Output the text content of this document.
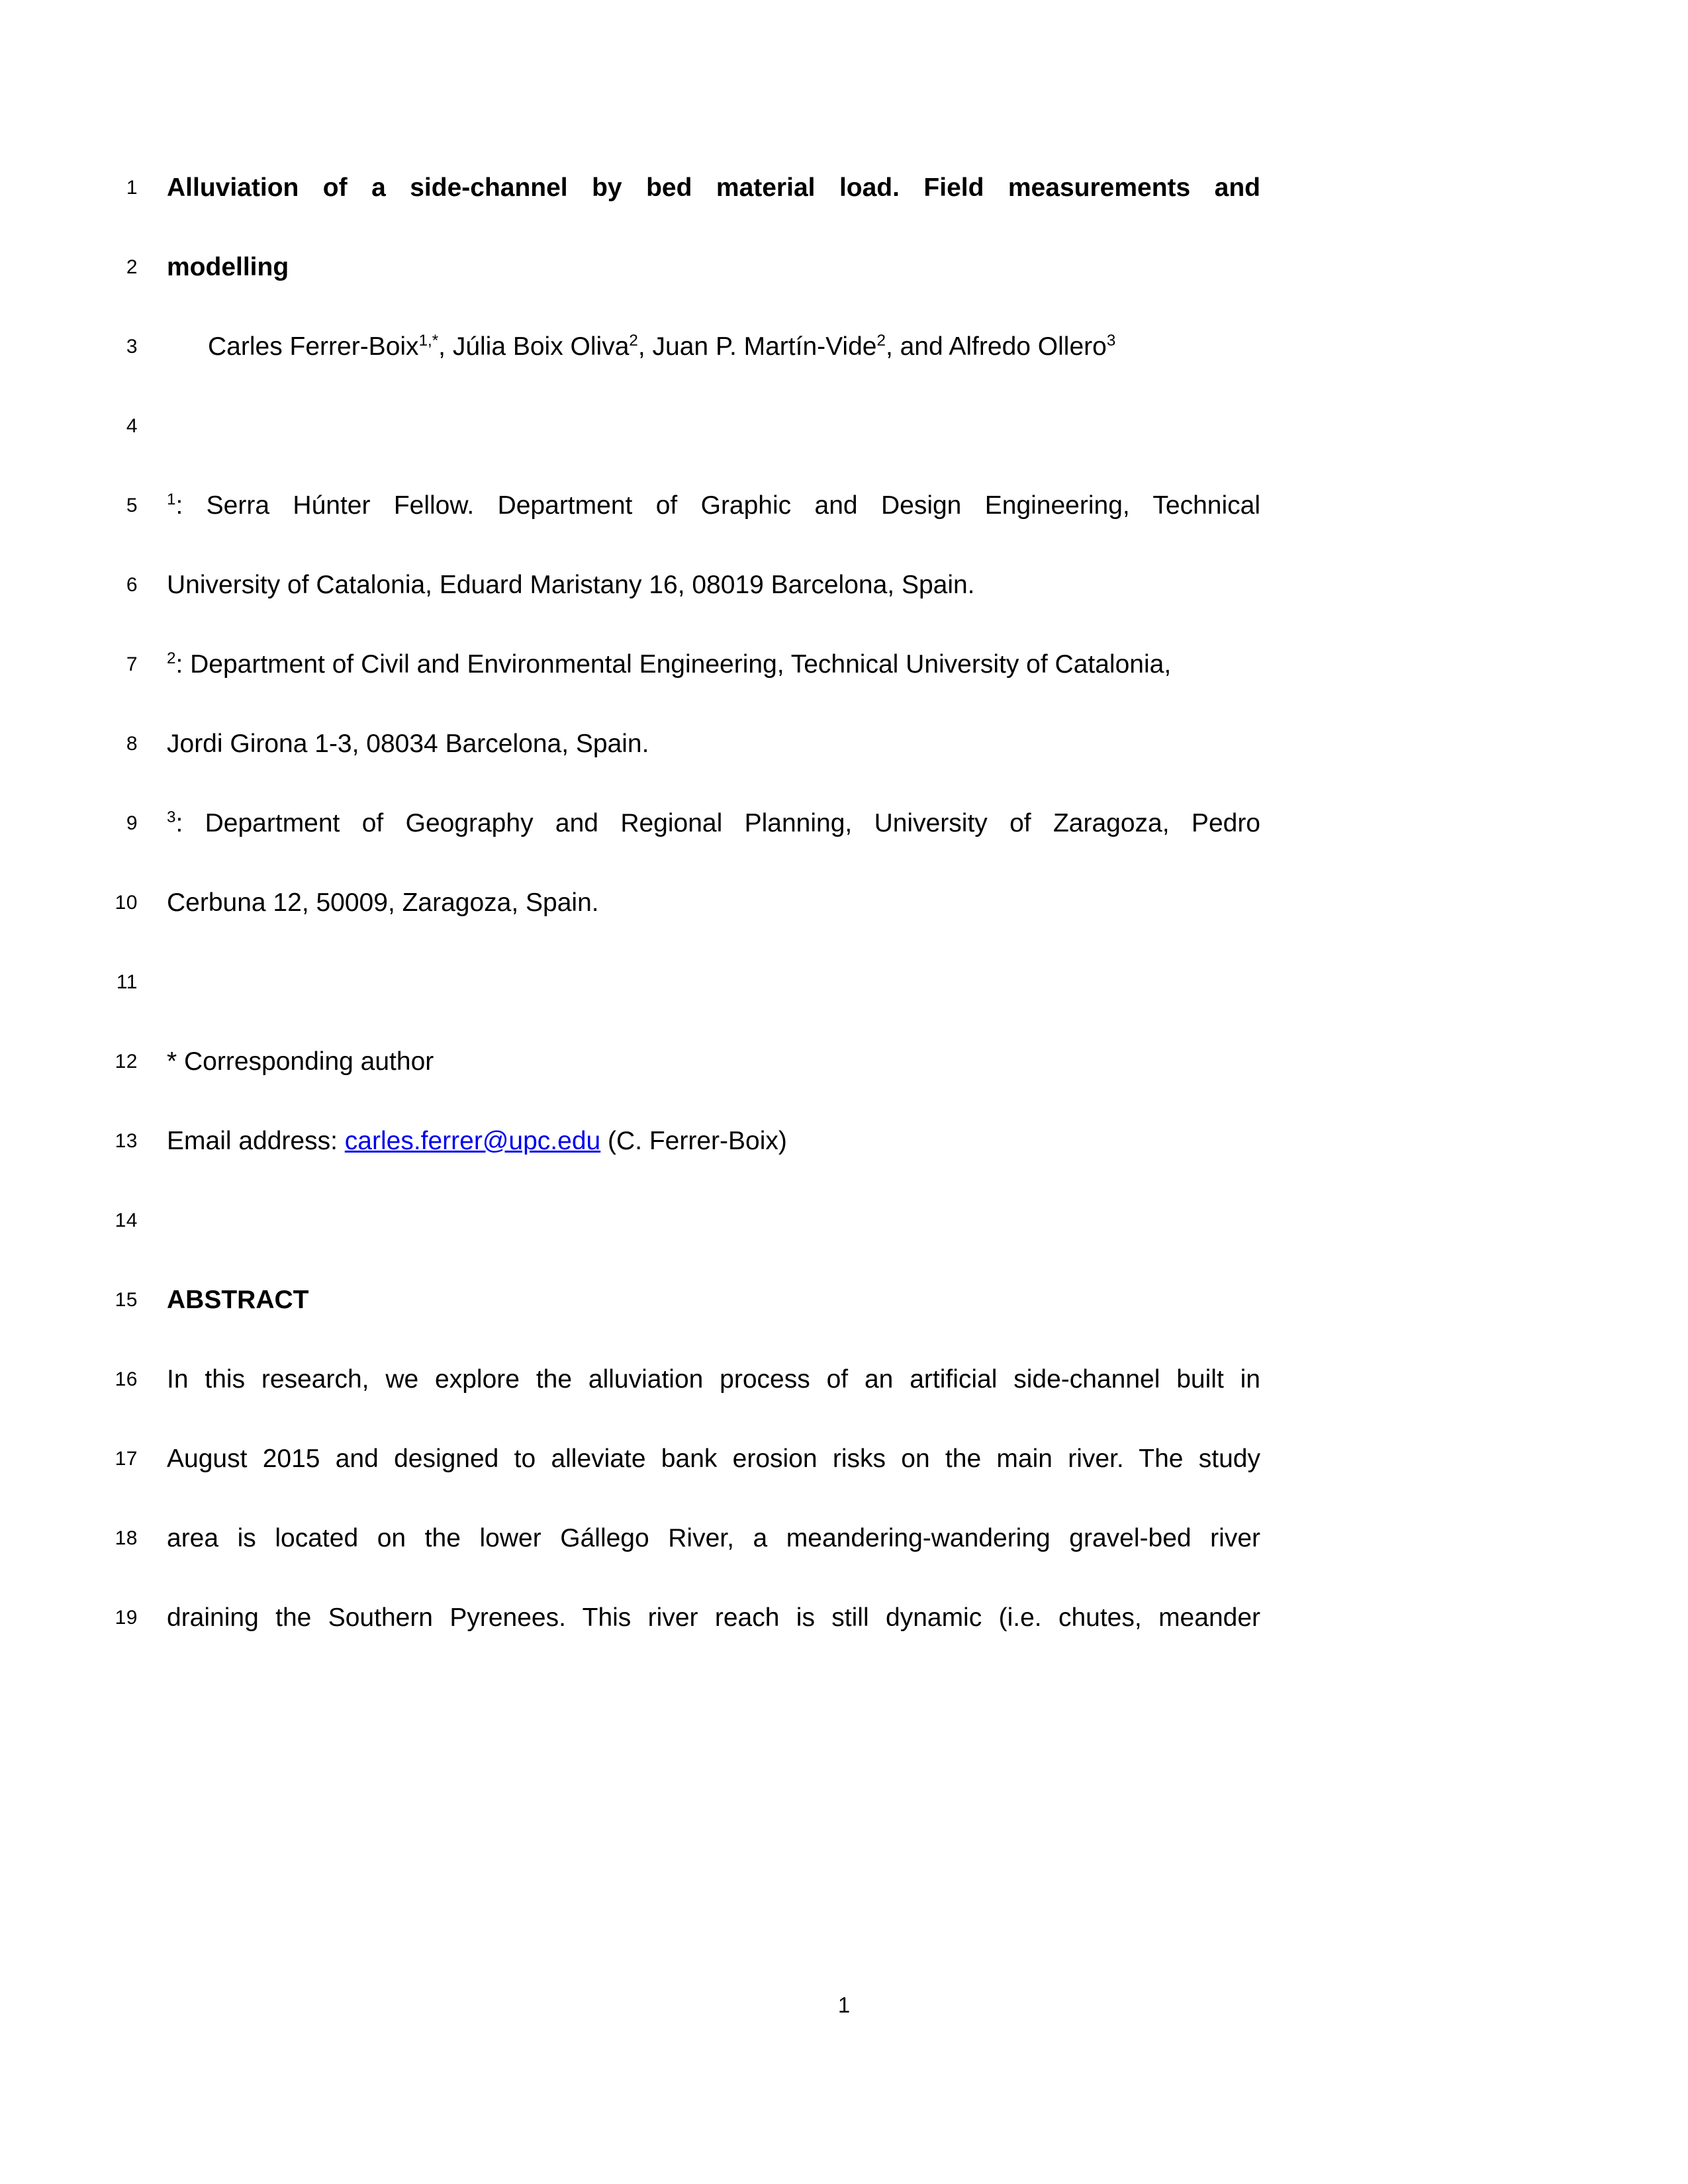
1	Alluviation of a side-channel by bed material load. Field measurements and
2	modelling
3	Carles Ferrer-Boix$^{1,*}$, Júlia Boix Oliva$^2$, Juan P. Martín-Vide$^2$, and Alfredo Ollero$^3$
4
5	$^1$: Serra Húnter Fellow. Department of Graphic and Design Engineering, Technical
6	University of Catalonia, Eduard Maristany 16, 08019 Barcelona, Spain.
7	$^2$: Department of Civil and Environmental Engineering, Technical University of Catalonia,
8	Jordi Girona 1-3, 08034 Barcelona, Spain.
9	$^3$: Department of Geography and Regional Planning, University of Zaragoza, Pedro
10	Cerbuna 12, 50009, Zaragoza, Spain.
11
12	* Corresponding author
13	Email address: carles.ferrer@upc.edu (C. Ferrer-Boix)
14
15	ABSTRACT
16	In this research, we explore the alluviation process of an artificial side-channel built in
17	August 2015 and designed to alleviate bank erosion risks on the main river. The study
18	area is located on the lower Gállego River, a meandering-wandering gravel-bed river
19	draining the Southern Pyrenees. This river reach is still dynamic (i.e. chutes, meander
1
